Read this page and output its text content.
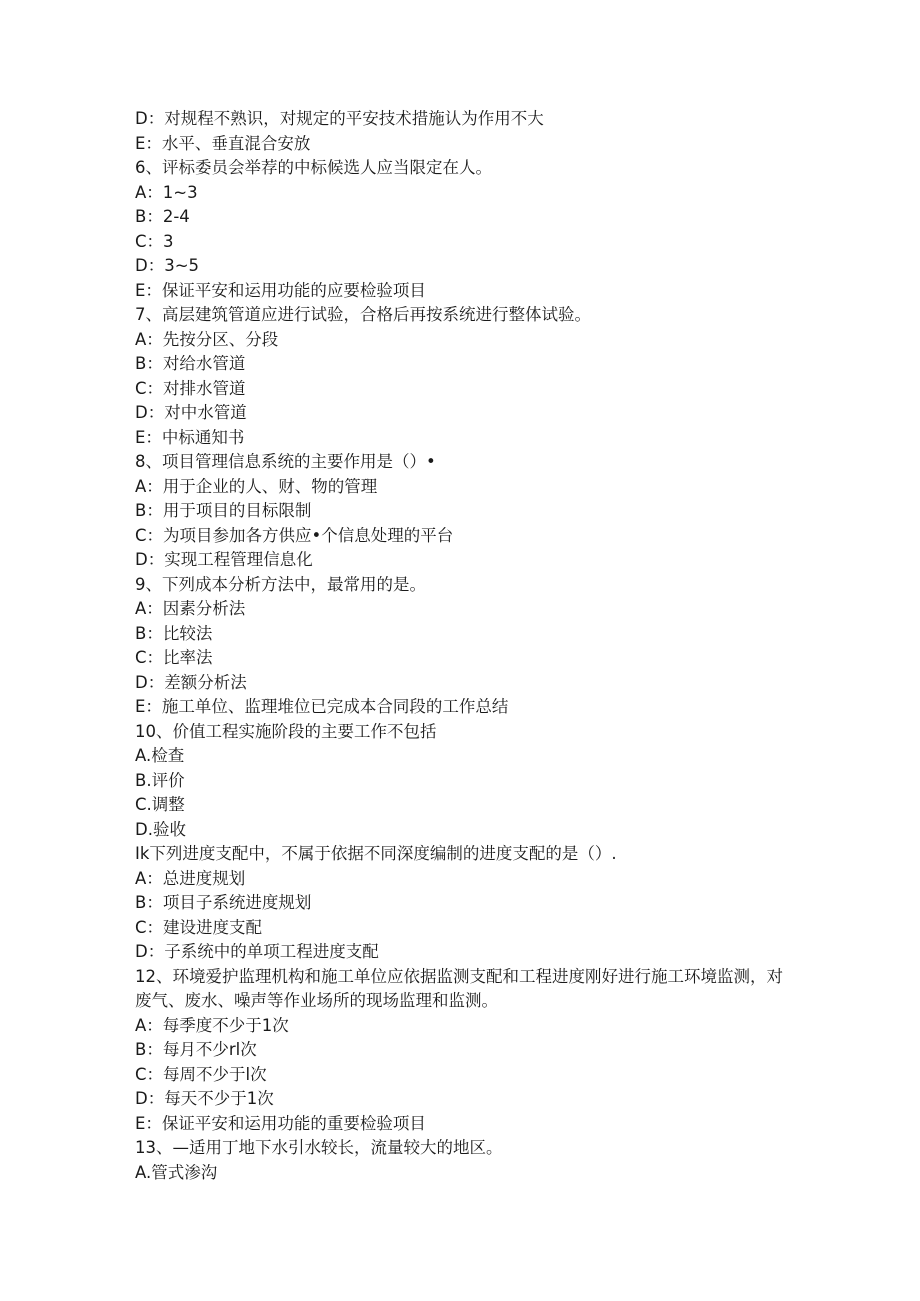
D：对规程不熟识，对规定的平安技术措施认为作用不大

E：水平、垂直混合安放

6、评标委员会举荐的中标候选人应当限定在人。

A：1~3

B：2-4

C：3

D：3~5

E：保证平安和运用功能的应要检验项目

7、高层建筑管道应进行试验，合格后再按系统进行整体试验。

A：先按分区、分段

B：对给水管道

C：对排水管道

D：对中水管道

E：中标通知书

8、项目管理信息系统的主要作用是（）•

A：用于企业的人、财、物的管理

B：用于项目的目标限制

C：为项目参加各方供应•个信息处理的平台

D：实现工程管理信息化

9、下列成本分析方法中，最常用的是。

A：因素分析法

B：比较法

C：比率法

D：差额分析法

E：施工单位、监理堆位已完成本合同段的工作总结

10、价值工程实施阶段的主要工作不包括

A.检查

B.评价

C.调整

D.验收

Ik下列进度支配中，不属于依据不同深度编制的进度支配的是（）.

A：总进度规划

B：项目子系统进度规划

C：建设进度支配

D：子系统中的单项工程进度支配

12、环境爱护监理机构和施工单位应依据监测支配和工程进度刚好进行施工环境监测，对废气、废水、噪声等作业场所的现场监理和监测。

A：每季度不少于1次

B：每月不少rl次

C：每周不少于l次

D：每天不少于1次

E：保证平安和运用功能的重要检验项目

13、—适用丁地下水引水较长，流量较大的地区。

A.管式渗沟
